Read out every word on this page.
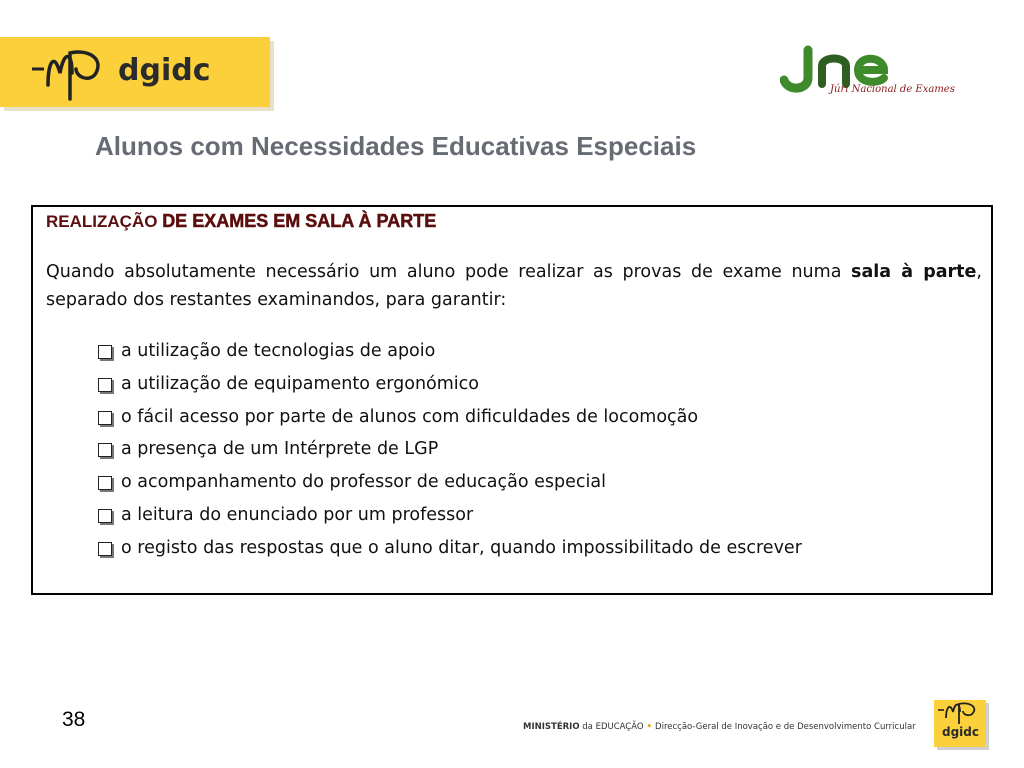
dgidc
Júri Nacional de Exames
Alunos com Necessidades Educativas Especiais
REALIZAÇÃO DE EXAMES EM SALA À PARTE
Quando absolutamente necessário um aluno pode realizar as provas de exame numa sala à parte, separado dos restantes examinandos, para garantir:
a utilização de tecnologias de apoio
a utilização de equipamento ergonómico
o fácil acesso por parte de alunos com dificuldades de locomoção
a presença de um Intérprete de LGP
o acompanhamento do professor de educação especial
a leitura do enunciado por um professor
o registo das respostas que o aluno ditar, quando impossibilitado de escrever
38	MINISTÉRIO da EDUCAÇÃO • Direcção-Geral de Inovação e de Desenvolvimento Curricular dgidc
